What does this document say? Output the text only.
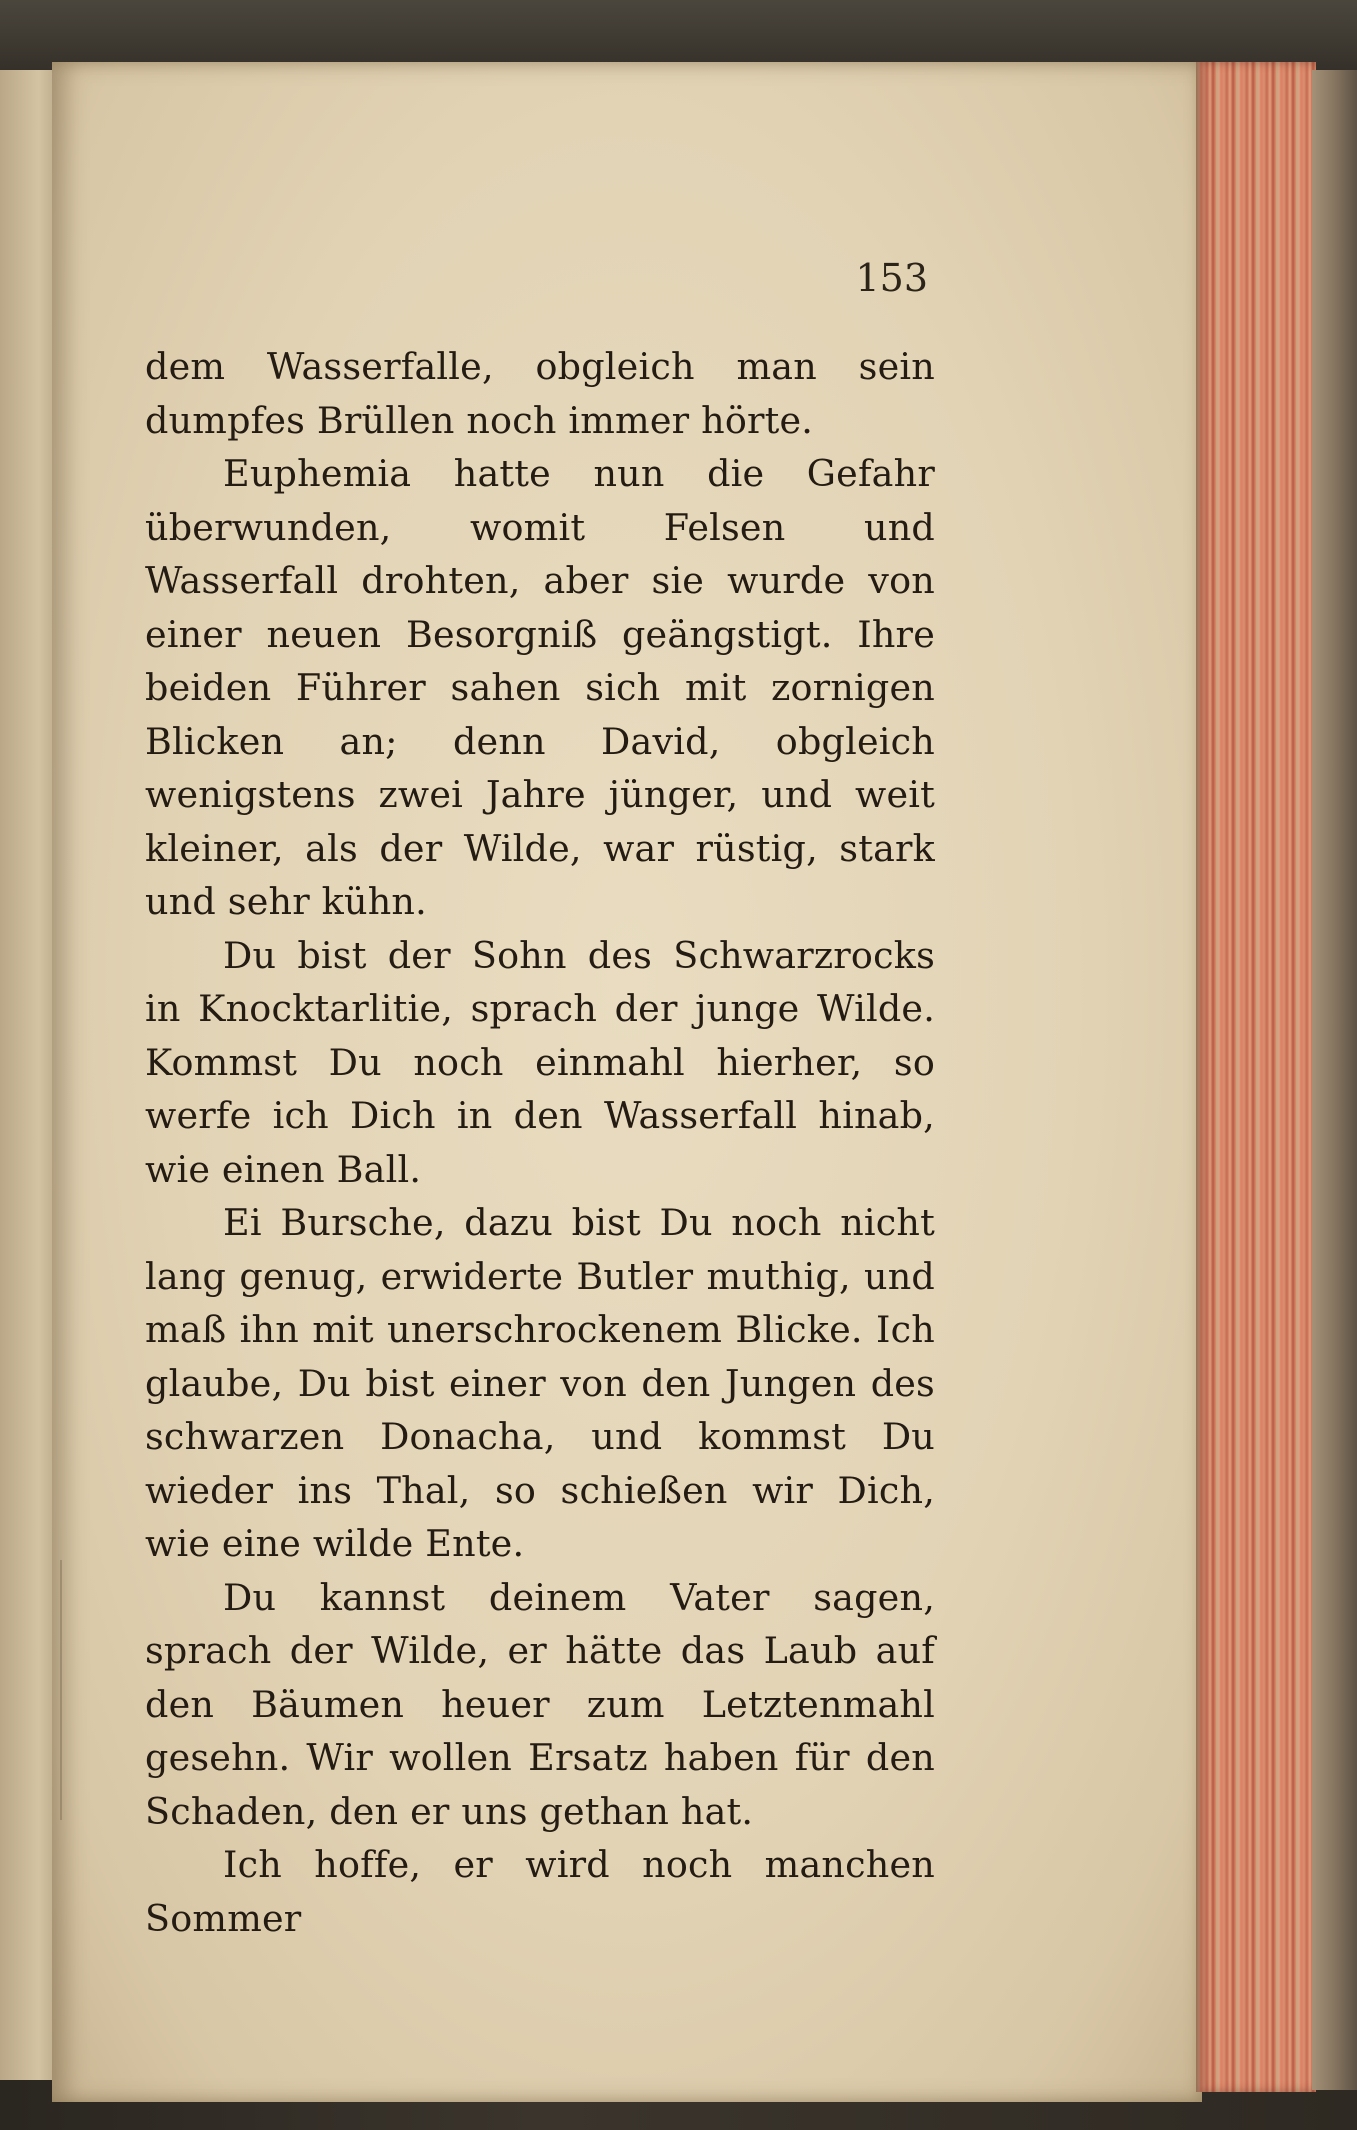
153

dem Wasserfalle, obgleich man sein dumpfes Brüllen noch immer hörte.

Euphemia hatte nun die Gefahr überwunden, womit Felsen und Wasserfall drohten, aber sie wurde von einer neuen Besorgniß geängstigt. Ihre beiden Führer sahen sich mit zornigen Blicken an; denn David, obgleich wenigstens zwei Jahre jünger, und weit kleiner, als der Wilde, war rüstig, stark und sehr kühn.

Du bist der Sohn des Schwarzrocks in Knocktarlitie, sprach der junge Wilde. Kommst Du noch einmahl hierher, so werfe ich Dich in den Wasserfall hinab, wie einen Ball.

Ei Bursche, dazu bist Du noch nicht lang genug, erwiderte Butler muthig, und maß ihn mit unerschrockenem Blicke. Ich glaube, Du bist einer von den Jungen des schwarzen Donacha, und kommst Du wieder ins Thal, so schießen wir Dich, wie eine wilde Ente.

Du kannst deinem Vater sagen, sprach der Wilde, er hätte das Laub auf den Bäumen heuer zum Letztenmahl gesehn. Wir wollen Ersatz haben für den Schaden, den er uns gethan hat.

Ich hoffe, er wird noch manchen Sommer
